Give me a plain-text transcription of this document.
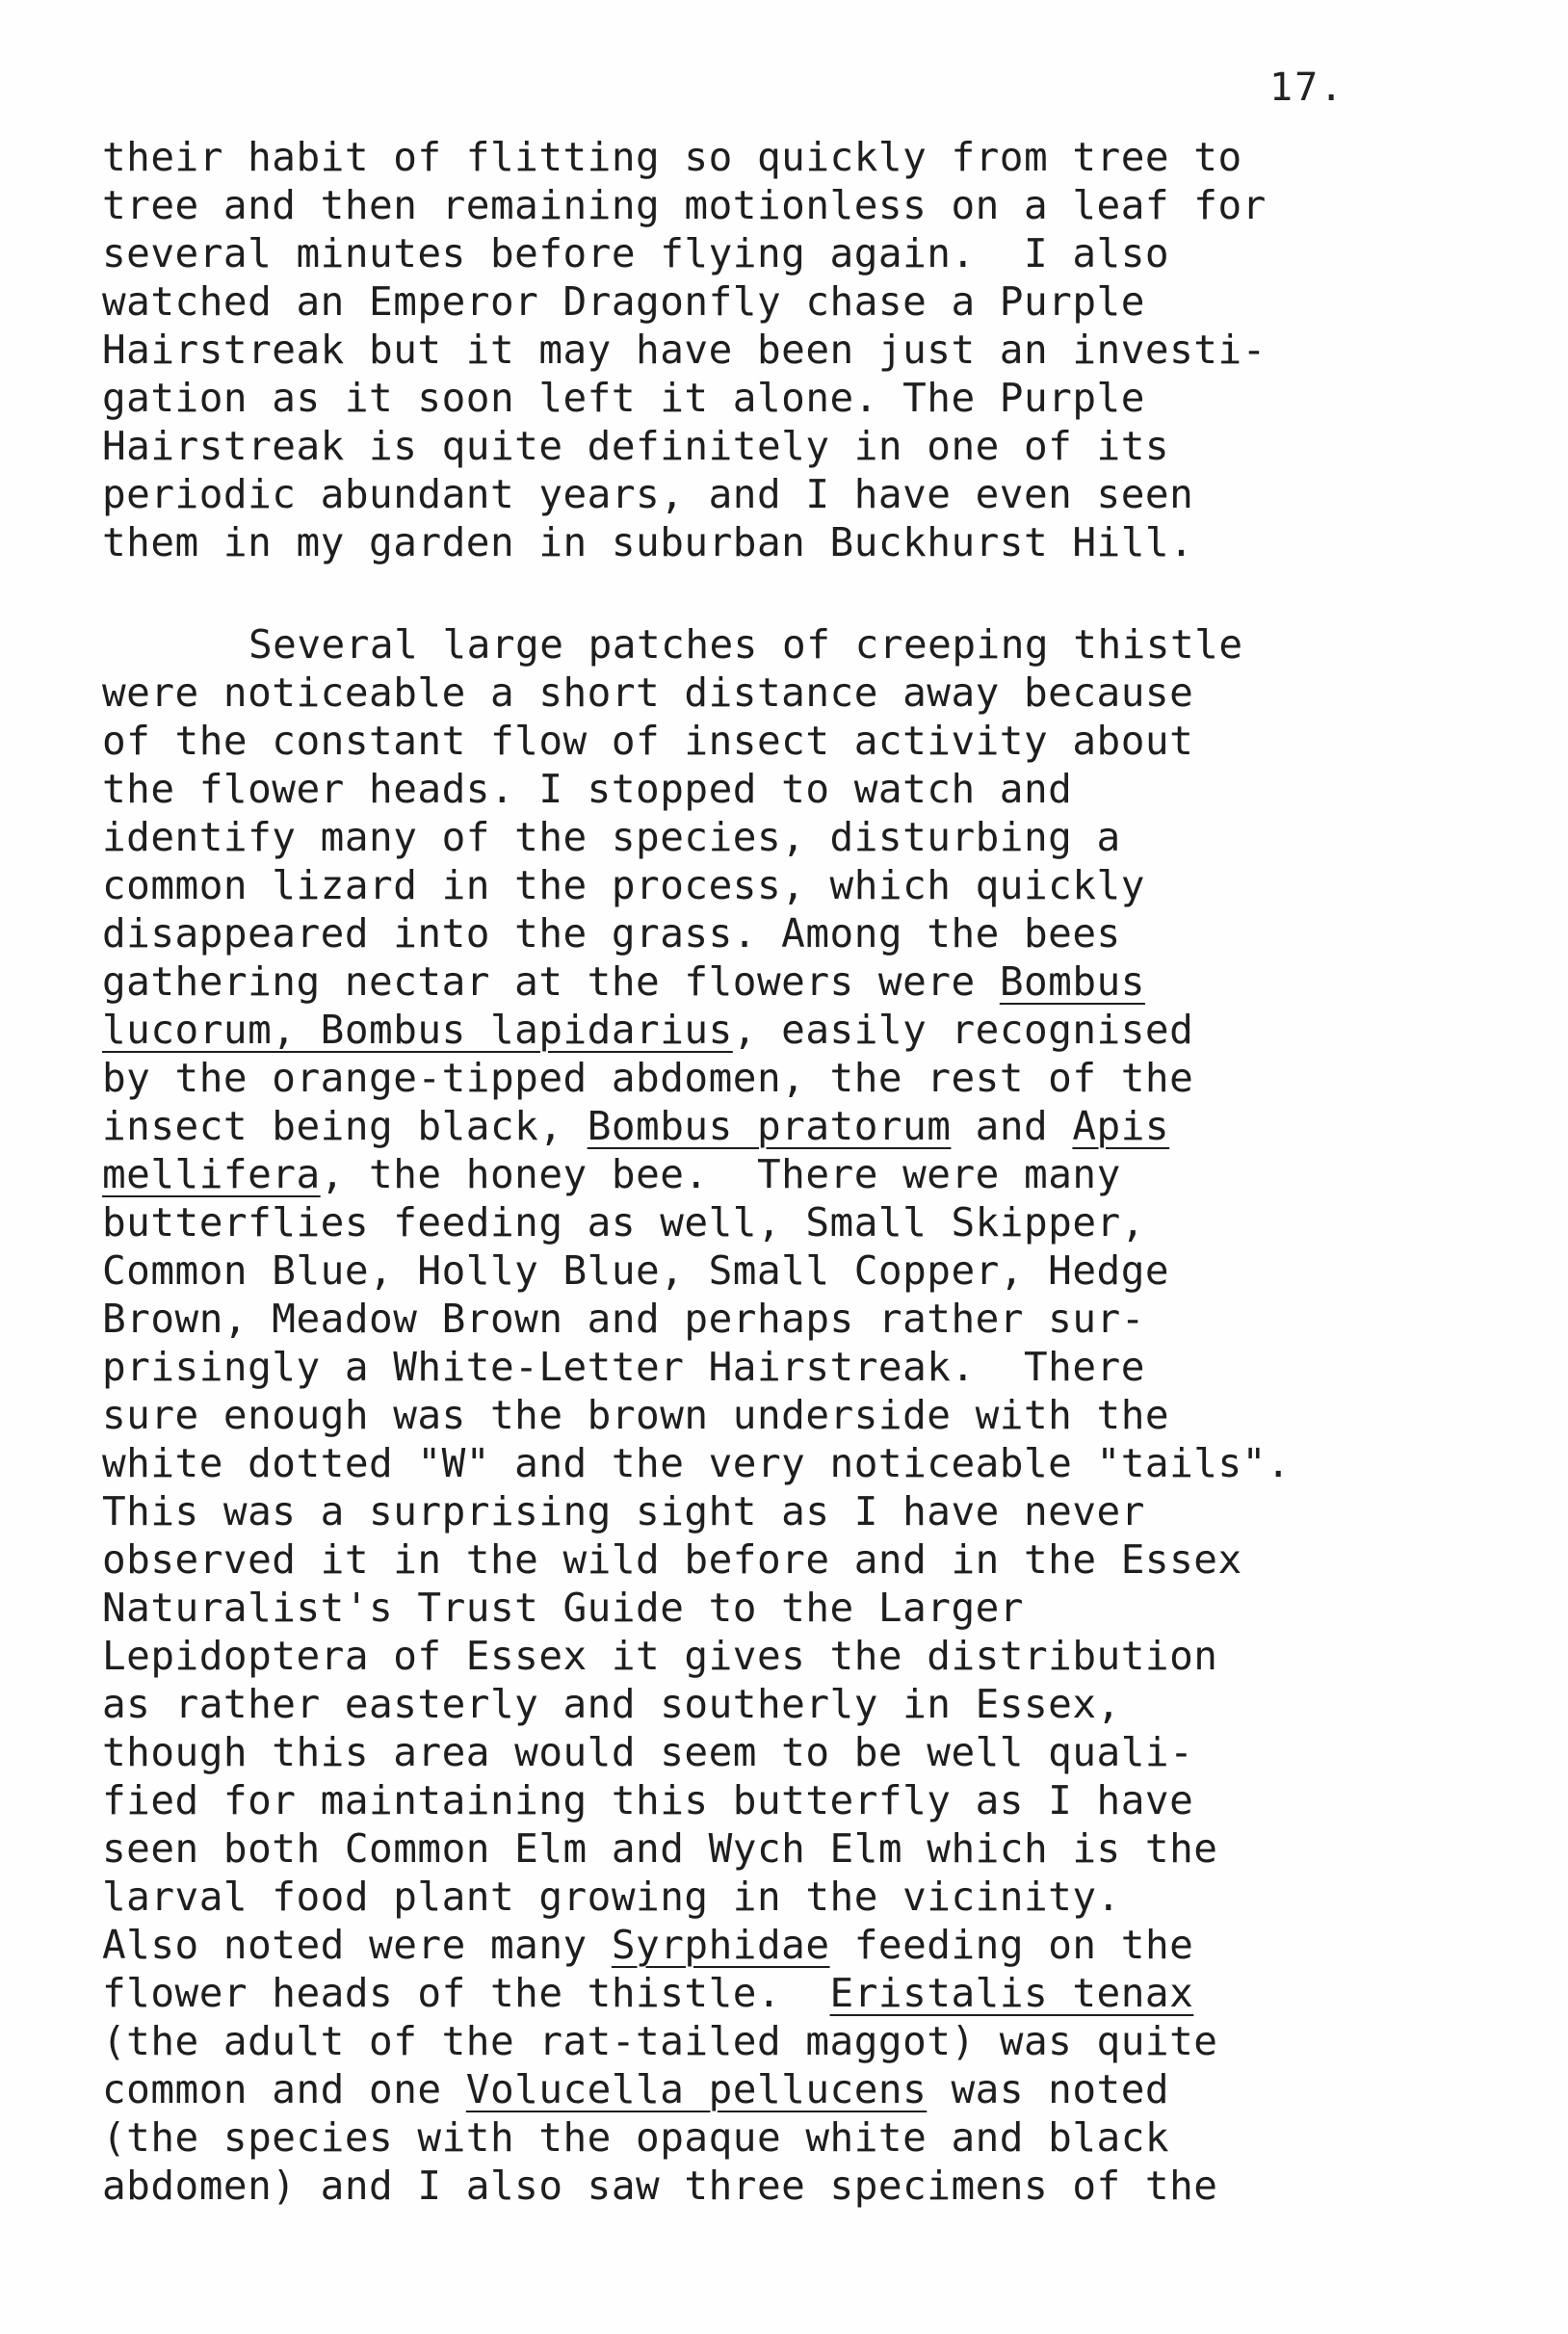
17.
their habit of flitting so quickly from tree to
tree and then remaining motionless on a leaf for
several minutes before flying again.  I also
watched an Emperor Dragonfly chase a Purple
Hairstreak but it may have been just an investi-
gation as it soon left it alone. The Purple
Hairstreak is quite definitely in one of its
periodic abundant years, and I have even seen
them in my garden in suburban Buckhurst Hill.
Several large patches of creeping thistle
were noticeable a short distance away because
of the constant flow of insect activity about
the flower heads. I stopped to watch and
identify many of the species, disturbing a
common lizard in the process, which quickly
disappeared into the grass. Among the bees
gathering nectar at the flowers were Bombus
lucorum, Bombus lapidarius, easily recognised
by the orange-tipped abdomen, the rest of the
insect being black, Bombus pratorum and Apis
mellifera, the honey bee.  There were many
butterflies feeding as well, Small Skipper,
Common Blue, Holly Blue, Small Copper, Hedge
Brown, Meadow Brown and perhaps rather sur-
prisingly a White-Letter Hairstreak.  There
sure enough was the brown underside with the
white dotted "W" and the very noticeable "tails".
This was a surprising sight as I have never
observed it in the wild before and in the Essex
Naturalist's Trust Guide to the Larger
Lepidoptera of Essex it gives the distribution
as rather easterly and southerly in Essex,
though this area would seem to be well quali-
fied for maintaining this butterfly as I have
seen both Common Elm and Wych Elm which is the
larval food plant growing in the vicinity.
Also noted were many Syrphidae feeding on the
flower heads of the thistle.  Eristalis tenax
(the adult of the rat-tailed maggot) was quite
common and one Volucella pellucens was noted
(the species with the opaque white and black
abdomen) and I also saw three specimens of the
